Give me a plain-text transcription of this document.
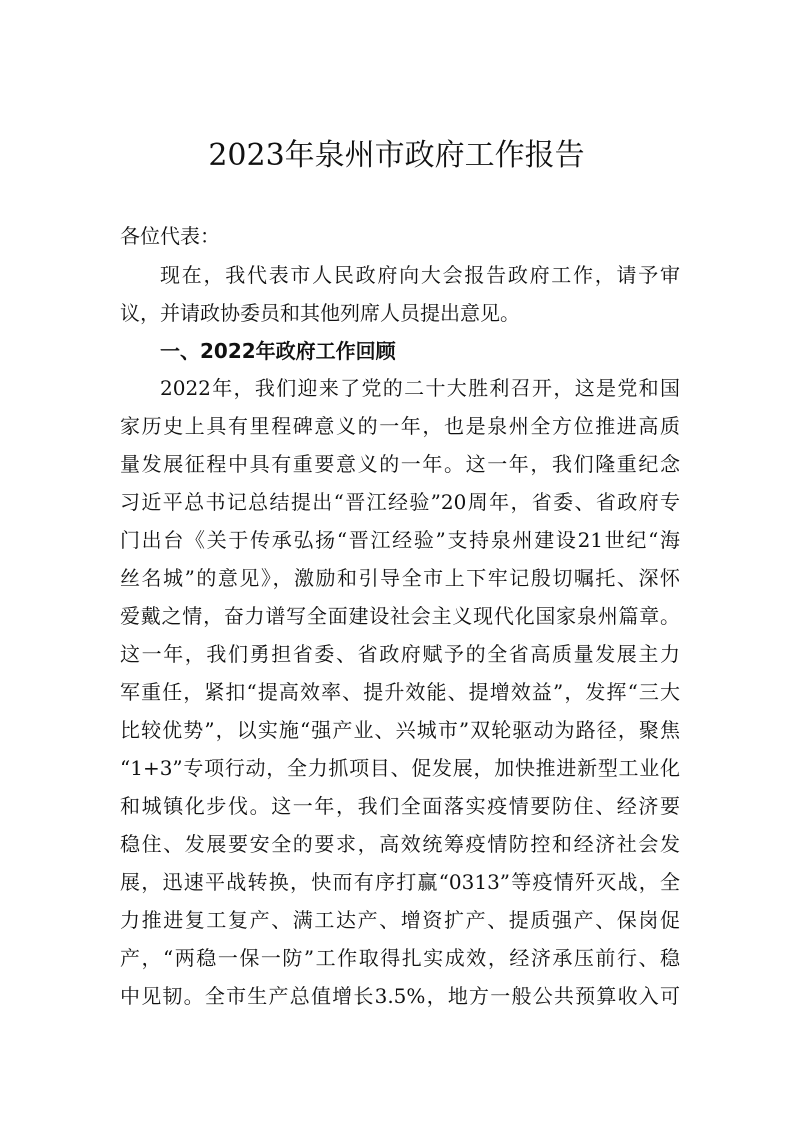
2023年泉州市政府工作报告
各位代表：
现在，我代表市人民政府向大会报告政府工作，请予审
议，并请政协委员和其他列席人员提出意见。
一、2022年政府工作回顾
2022年，我们迎来了党的二十大胜利召开，这是党和国
家历史上具有里程碑意义的一年，也是泉州全方位推进高质
量发展征程中具有重要意义的一年。这一年，我们隆重纪念
习近平总书记总结提出“晋江经验”20周年，省委、省政府专
门出台《关于传承弘扬“晋江经验”支持泉州建设21世纪“海
丝名城”的意见》，激励和引导全市上下牢记殷切嘱托、深怀
爱戴之情，奋力谱写全面建设社会主义现代化国家泉州篇章。
这一年，我们勇担省委、省政府赋予的全省高质量发展主力
军重任，紧扣“提高效率、提升效能、提增效益”，发挥“三大
比较优势”，以实施“强产业、兴城市”双轮驱动为路径，聚焦
“1+3”专项行动，全力抓项目、促发展，加快推进新型工业化
和城镇化步伐。这一年，我们全面落实疫情要防住、经济要
稳住、发展要安全的要求，高效统筹疫情防控和经济社会发
展，迅速平战转换，快而有序打赢“0313”等疫情歼灭战，全
力推进复工复产、满工达产、增资扩产、提质强产、保岗促
产，“两稳一保一防”工作取得扎实成效，经济承压前行、稳
中见韧。全市生产总值增长3.5%，地方一般公共预算收入可
